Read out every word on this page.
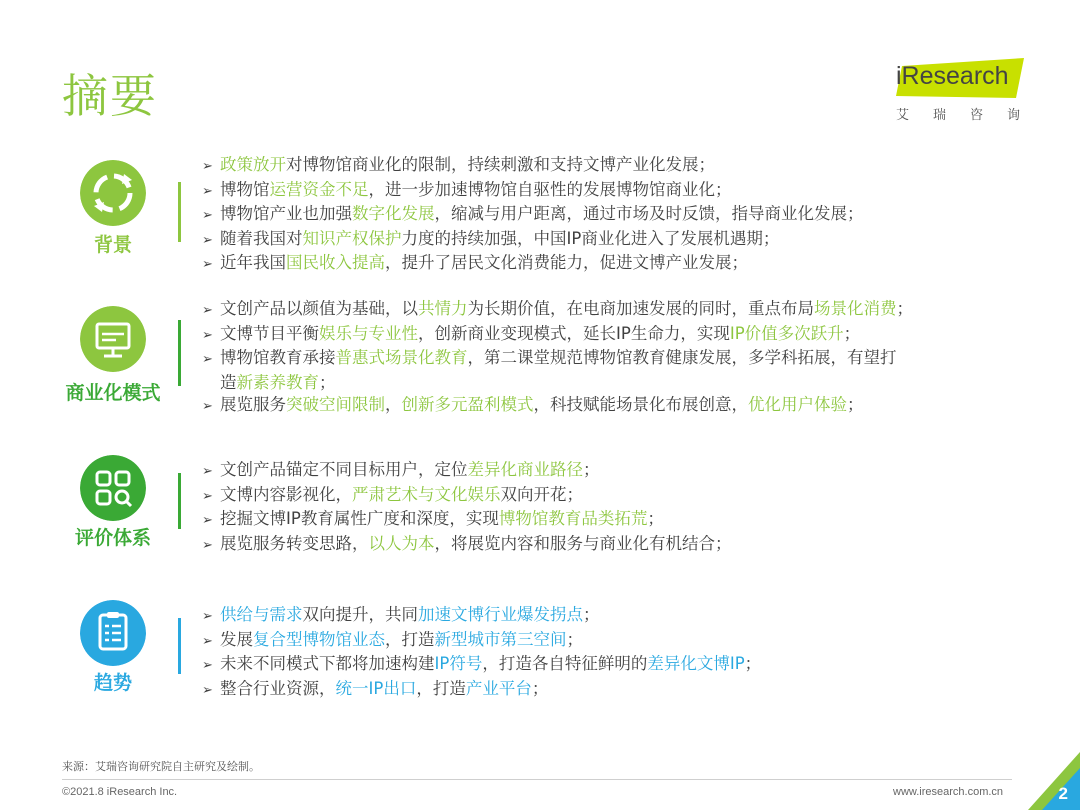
摘要	iResearch
艾瑞咨询
背景
➢ 政策放开对博物馆商业化的限制，持续刺激和支持文博产业化发展；
➢ 博物馆运营资金不足，进一步加速博物馆自驱性的发展博物馆商业化；
➢ 博物馆产业也加强数字化发展，缩减与用户距离，通过市场及时反馈，指导商业化发展；
➢ 随着我国对知识产权保护力度的持续加强，中国IP商业化进入了发展机遇期；
➢ 近年我国国民收入提高，提升了居民文化消费能力，促进文博产业发展；
商业化模式
➢ 文创产品以颜值为基础，以共情力为长期价值，在电商加速发展的同时，重点布局场景化消费；
➢ 文博节目平衡娱乐与专业性，创新商业变现模式，延长IP生命力，实现IP价值多次跃升；
➢ 博物馆教育承接普惠式场景化教育，第二课堂规范博物馆教育健康发展，多学科拓展，有望打
造新素养教育；
➢ 展览服务突破空间限制，创新多元盈利模式，科技赋能场景化布展创意，优化用户体验；
评价体系
➢ 文创产品锚定不同目标用户，定位差异化商业路径；
➢ 文博内容影视化，严肃艺术与文化娱乐双向开花；
➢ 挖掘文博IP教育属性广度和深度，实现博物馆教育品类拓荒；
➢ 展览服务转变思路，以人为本，将展览内容和服务与商业化有机结合；
趋势
➢ 供给与需求双向提升，共同加速文博行业爆发拐点；
➢ 发展复合型博物馆业态，打造新型城市第三空间；
➢ 未来不同模式下都将加速构建IP符号，打造各自特征鲜明的差异化文博IP；
➢ 整合行业资源，统一IP出口，打造产业平台；
来源：艾瑞咨询研究院自主研究及绘制。
©2021.8 iResearch Inc.	www.iresearch.com.cn	2
